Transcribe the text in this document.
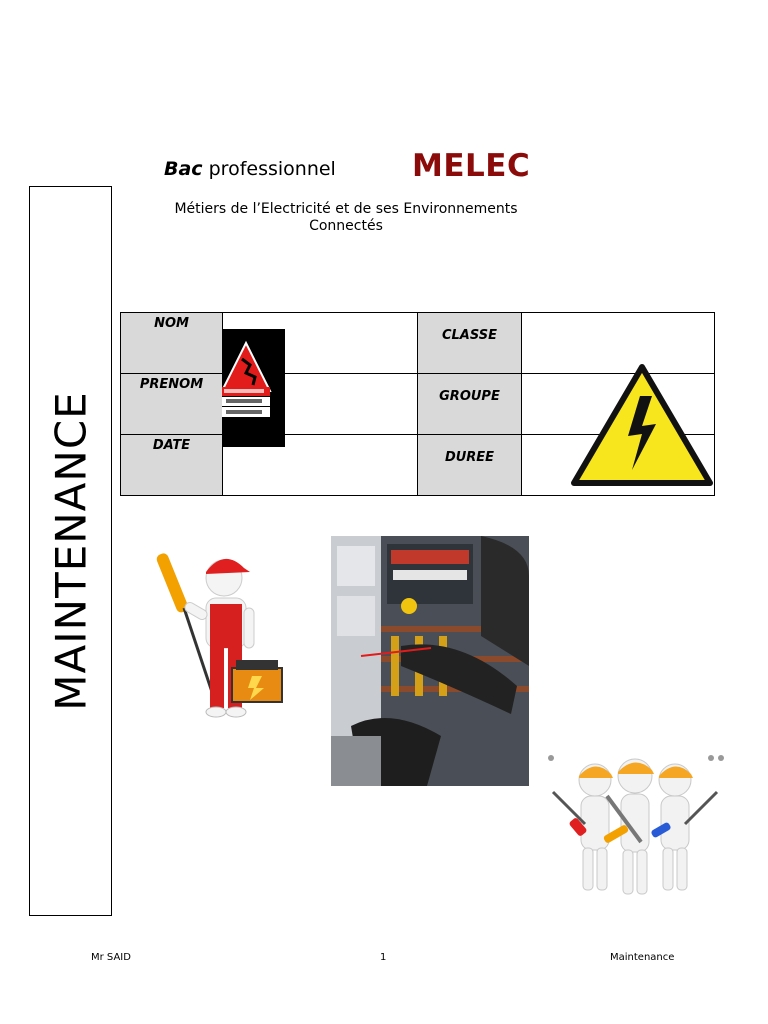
Bac professionnel MELEC
Métiers de l’Electricité et de ses Environnements
Connectés
MAINTENANCE
NOM		CLASSE	

PRENOM		GROUPE	

DATE		DUREE	

Mr SAID	1	Maintenance
